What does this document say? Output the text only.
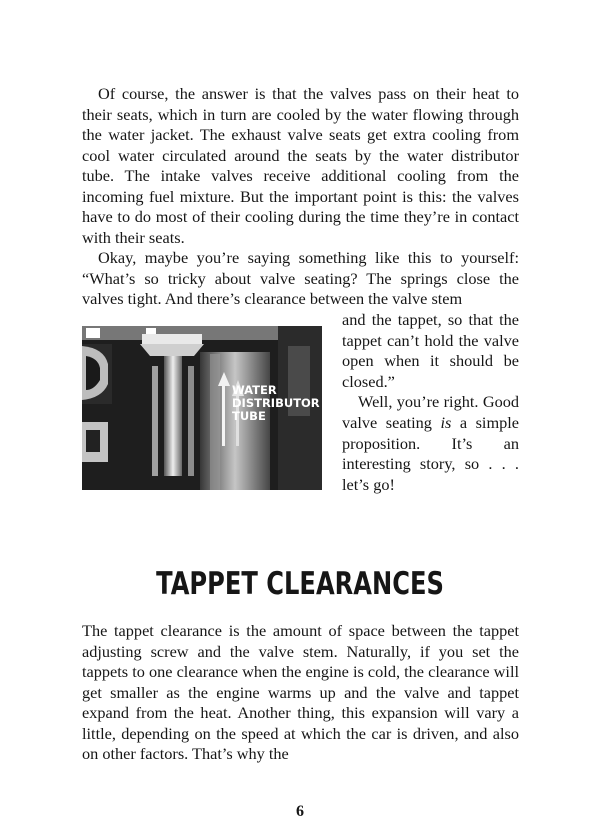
Of course, the answer is that the valves pass on their heat to their seats, which in turn are cooled by the water flowing through the water jacket. The exhaust valve seats get extra cooling from cool water circulated around the seats by the water distributor tube. The intake valves receive additional cooling from the incoming fuel mixture. But the important point is this: the valves have to do most of their cooling during the time they’re in contact with their seats.
Okay, maybe you’re saying something like this to yourself: “What’s so tricky about valve seating? The springs close the valves tight. And there’s clearance between the valve stem

WATER
DISTRIBUTOR
TUBE

and the tappet, so that the tappet can’t hold the valve open when it should be closed.”

Well, you’re right. Good valve seating is a simple proposition. It’s an interesting story, so . . . let’s go!

TAPPET CLEARANCES

The tappet clearance is the amount of space between the tappet adjusting screw and the valve stem. Naturally, if you set the tappets to one clearance when the engine is cold, the clearance will get smaller as the engine warms up and the valve and tappet expand from the heat. Another thing, this expansion will vary a little, depending on the speed at which the car is driven, and also on other factors. That’s why the

6
